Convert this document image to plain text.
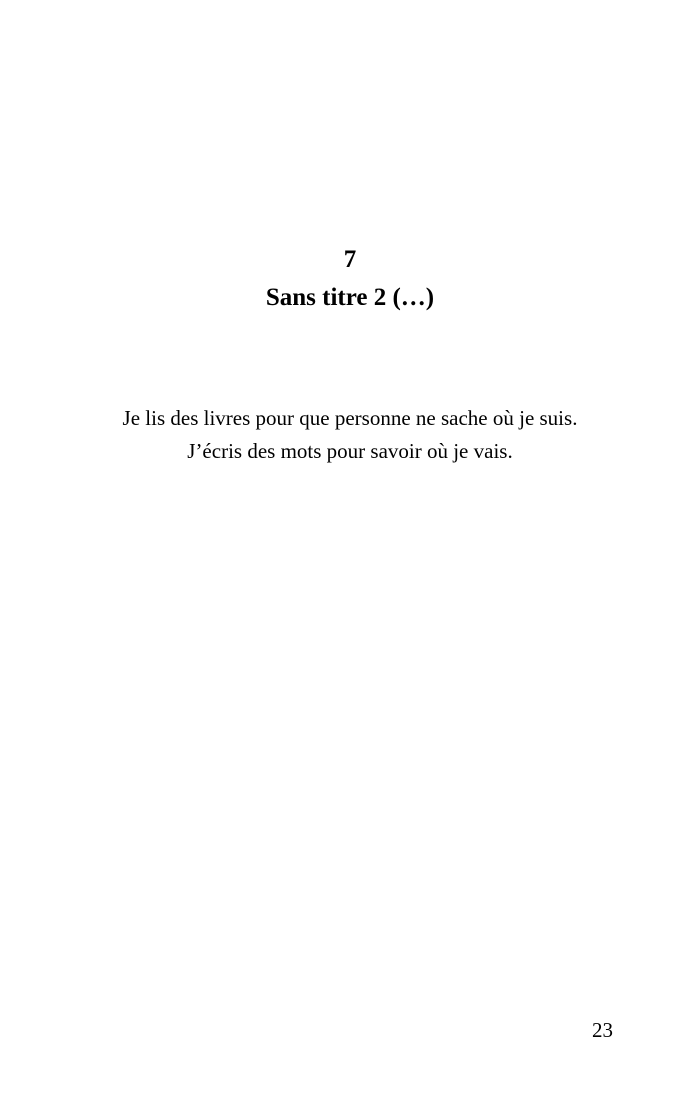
7
Sans titre 2 (…)
Je lis des livres pour que personne ne sache où je suis.
J’écris des mots pour savoir où je vais.
23
